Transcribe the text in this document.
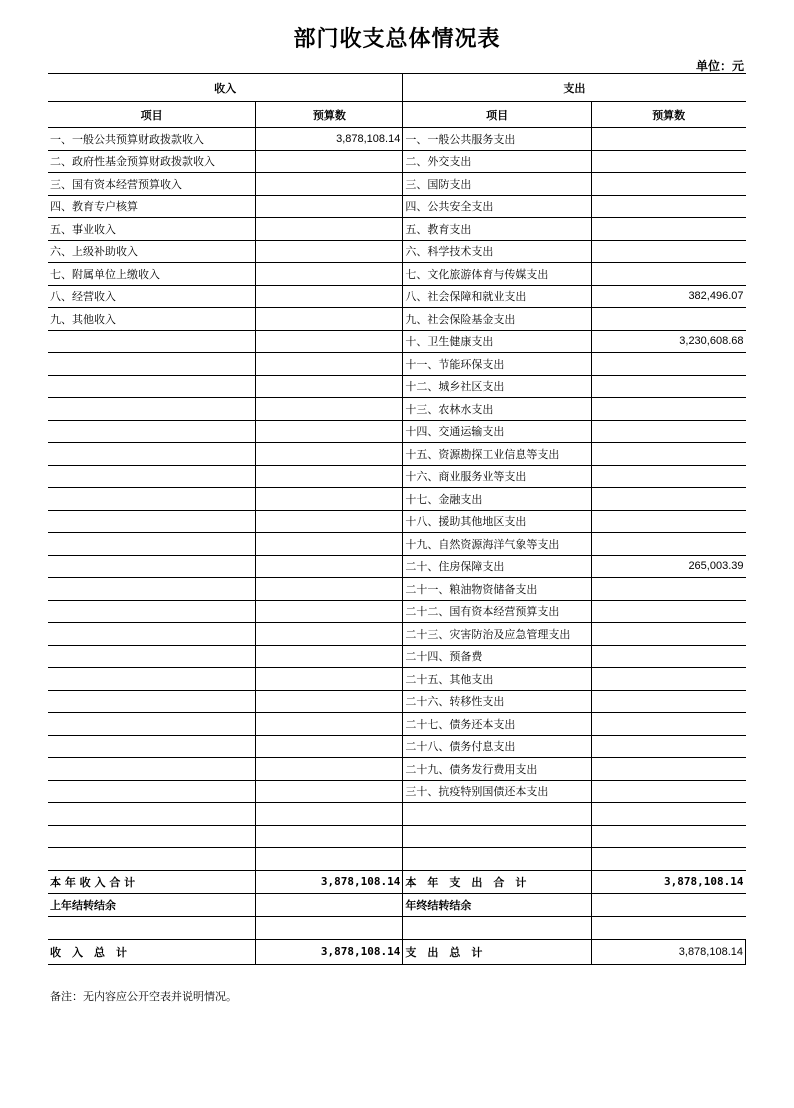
部门收支总体情况表
单位：元
收入		支出	
项目	预算数	项目	预算数
一、一般公共预算财政拨款收入	3,878,108.14	一、一般公共服务支出	
二、政府性基金预算财政拨款收入		二、外交支出	
三、国有资本经营预算收入		三、国防支出	
四、教育专户核算		四、公共安全支出	
五、事业收入		五、教育支出	
六、上级补助收入		六、科学技术支出	
七、附属单位上缴收入		七、文化旅游体育与传媒支出	
八、经营收入		八、社会保障和就业支出	382,496.07
九、其他收入		九、社会保险基金支出	
		十、卫生健康支出	3,230,608.68
		十一、节能环保支出	
		十二、城乡社区支出	
		十三、农林水支出	
		十四、交通运输支出	
		十五、资源勘探工业信息等支出	
		十六、商业服务业等支出	
		十七、金融支出	
		十八、援助其他地区支出	
		十九、自然资源海洋气象等支出	
		二十、住房保障支出	265,003.39
		二十一、粮油物资储备支出	
		二十二、国有资本经营预算支出	
		二十三、灾害防治及应急管理支出	
		二十四、预备费	
		二十五、其他支出	
		二十六、转移性支出	
		二十七、债务还本支出	
		二十八、债务付息支出	
		二十九、债务发行费用支出	
		三十、抗疫特别国债还本支出	

本 年 收 入 合 计	3,878,108.14	本　年　支　出　合　计	3,878,108.14
上年结转结余		年终结转结余	

收　入　总　计	3,878,108.14	支　出　总　计	3,878,108.14
备注：无内容应公开空表并说明情况。
